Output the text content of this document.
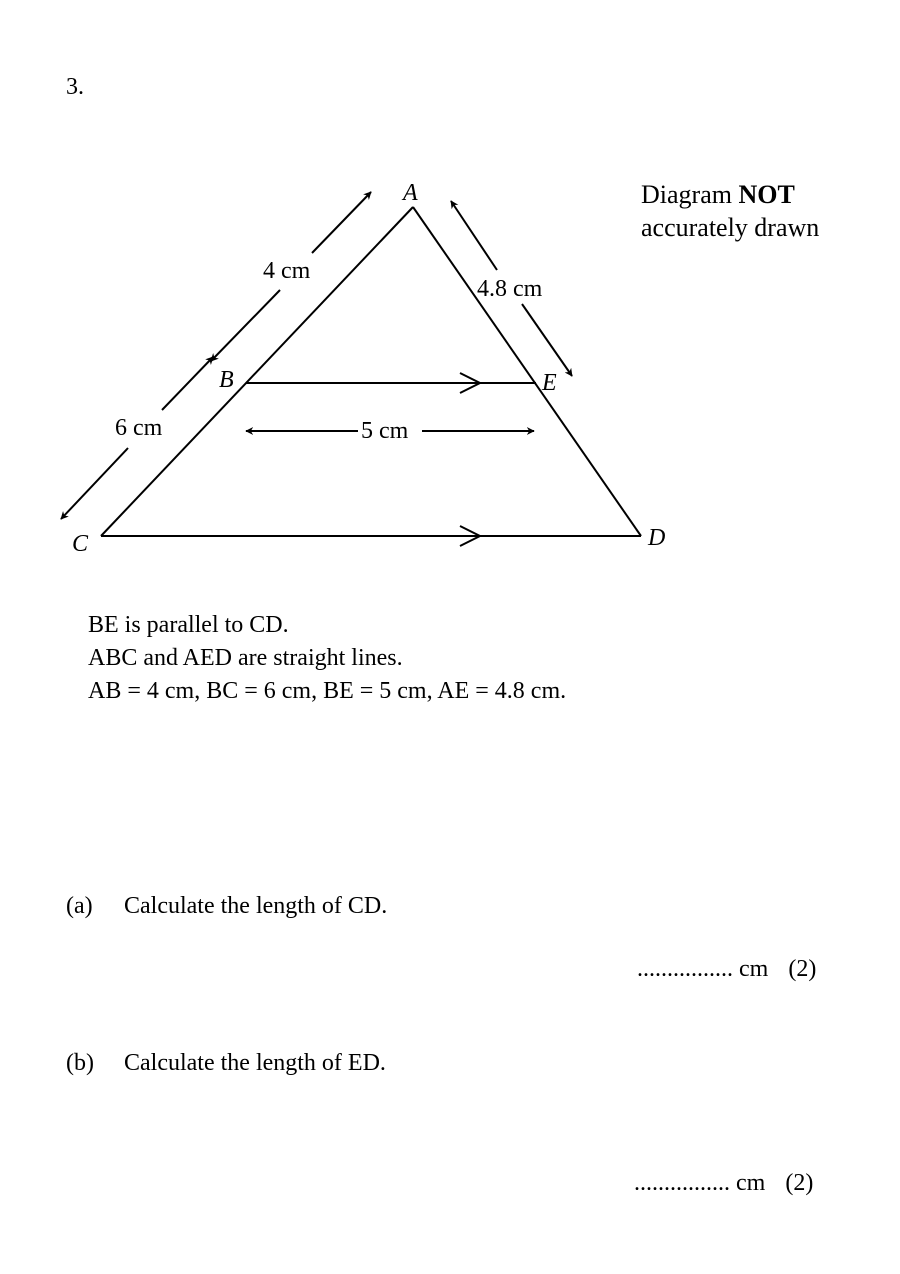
3.
Diagram NOT
accurately drawn
A
B
C	D
E
4 cm
4.8 cm
6 cm	5 cm
BE is parallel to CD.
ABC and AED are straight lines.
AB = 4 cm, BC = 6 cm, BE = 5 cm, AE = 4.8 cm.
(a) Calculate the length of CD.
................ cm (2)
(b) Calculate the length of ED.
................ cm (2)
